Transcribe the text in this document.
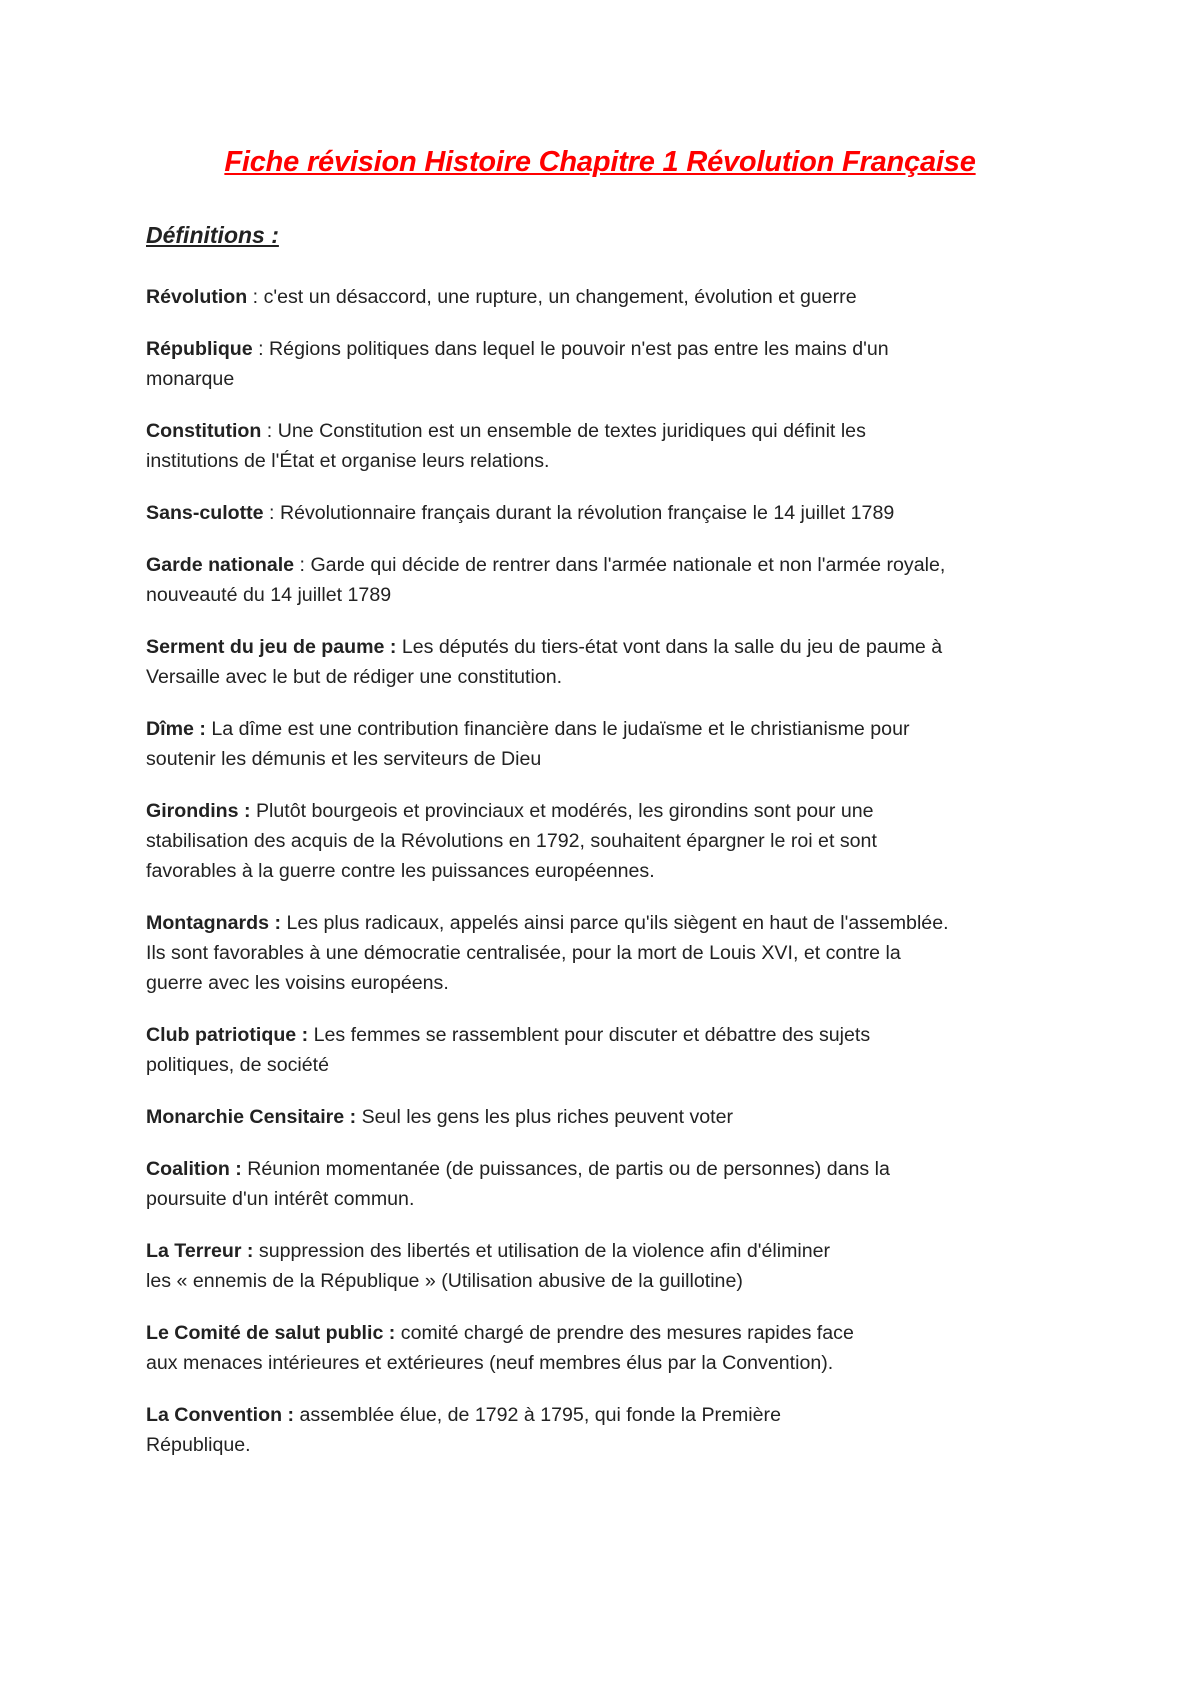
Fiche révision Histoire Chapitre 1 Révolution Française
Définitions :
Révolution : c'est un désaccord, une rupture, un changement, évolution et guerre
République : Régions politiques dans lequel le pouvoir n'est pas entre les mains d'un
monarque
Constitution : Une Constitution est un ensemble de textes juridiques qui définit les
institutions de l'État et organise leurs relations.
Sans-culotte : Révolutionnaire français durant la révolution française le 14 juillet 1789
Garde nationale : Garde qui décide de rentrer dans l'armée nationale et non l'armée royale,
nouveauté du 14 juillet 1789
Serment du jeu de paume : Les députés du tiers-état vont dans la salle du jeu de paume à
Versaille avec le but de rédiger une constitution.
Dîme : La dîme est une contribution financière dans le judaïsme et le christianisme pour
soutenir les démunis et les serviteurs de Dieu
Girondins : Plutôt bourgeois et provinciaux et modérés, les girondins sont pour une
stabilisation des acquis de la Révolutions en 1792, souhaitent épargner le roi et sont
favorables à la guerre contre les puissances européennes.
Montagnards : Les plus radicaux, appelés ainsi parce qu'ils siègent en haut de l'assemblée.
Ils sont favorables à une démocratie centralisée, pour la mort de Louis XVI, et contre la
guerre avec les voisins européens.
Club patriotique : Les femmes se rassemblent pour discuter et débattre des sujets
politiques, de société
Monarchie Censitaire : Seul les gens les plus riches peuvent voter
Coalition : Réunion momentanée (de puissances, de partis ou de personnes) dans la
poursuite d'un intérêt commun.
La Terreur : suppression des libertés et utilisation de la violence afin d'éliminer
les « ennemis de la République » (Utilisation abusive de la guillotine)
Le Comité de salut public : comité chargé de prendre des mesures rapides face
aux menaces intérieures et extérieures (neuf membres élus par la Convention).
La Convention : assemblée élue, de 1792 à 1795, qui fonde la Première
République.
